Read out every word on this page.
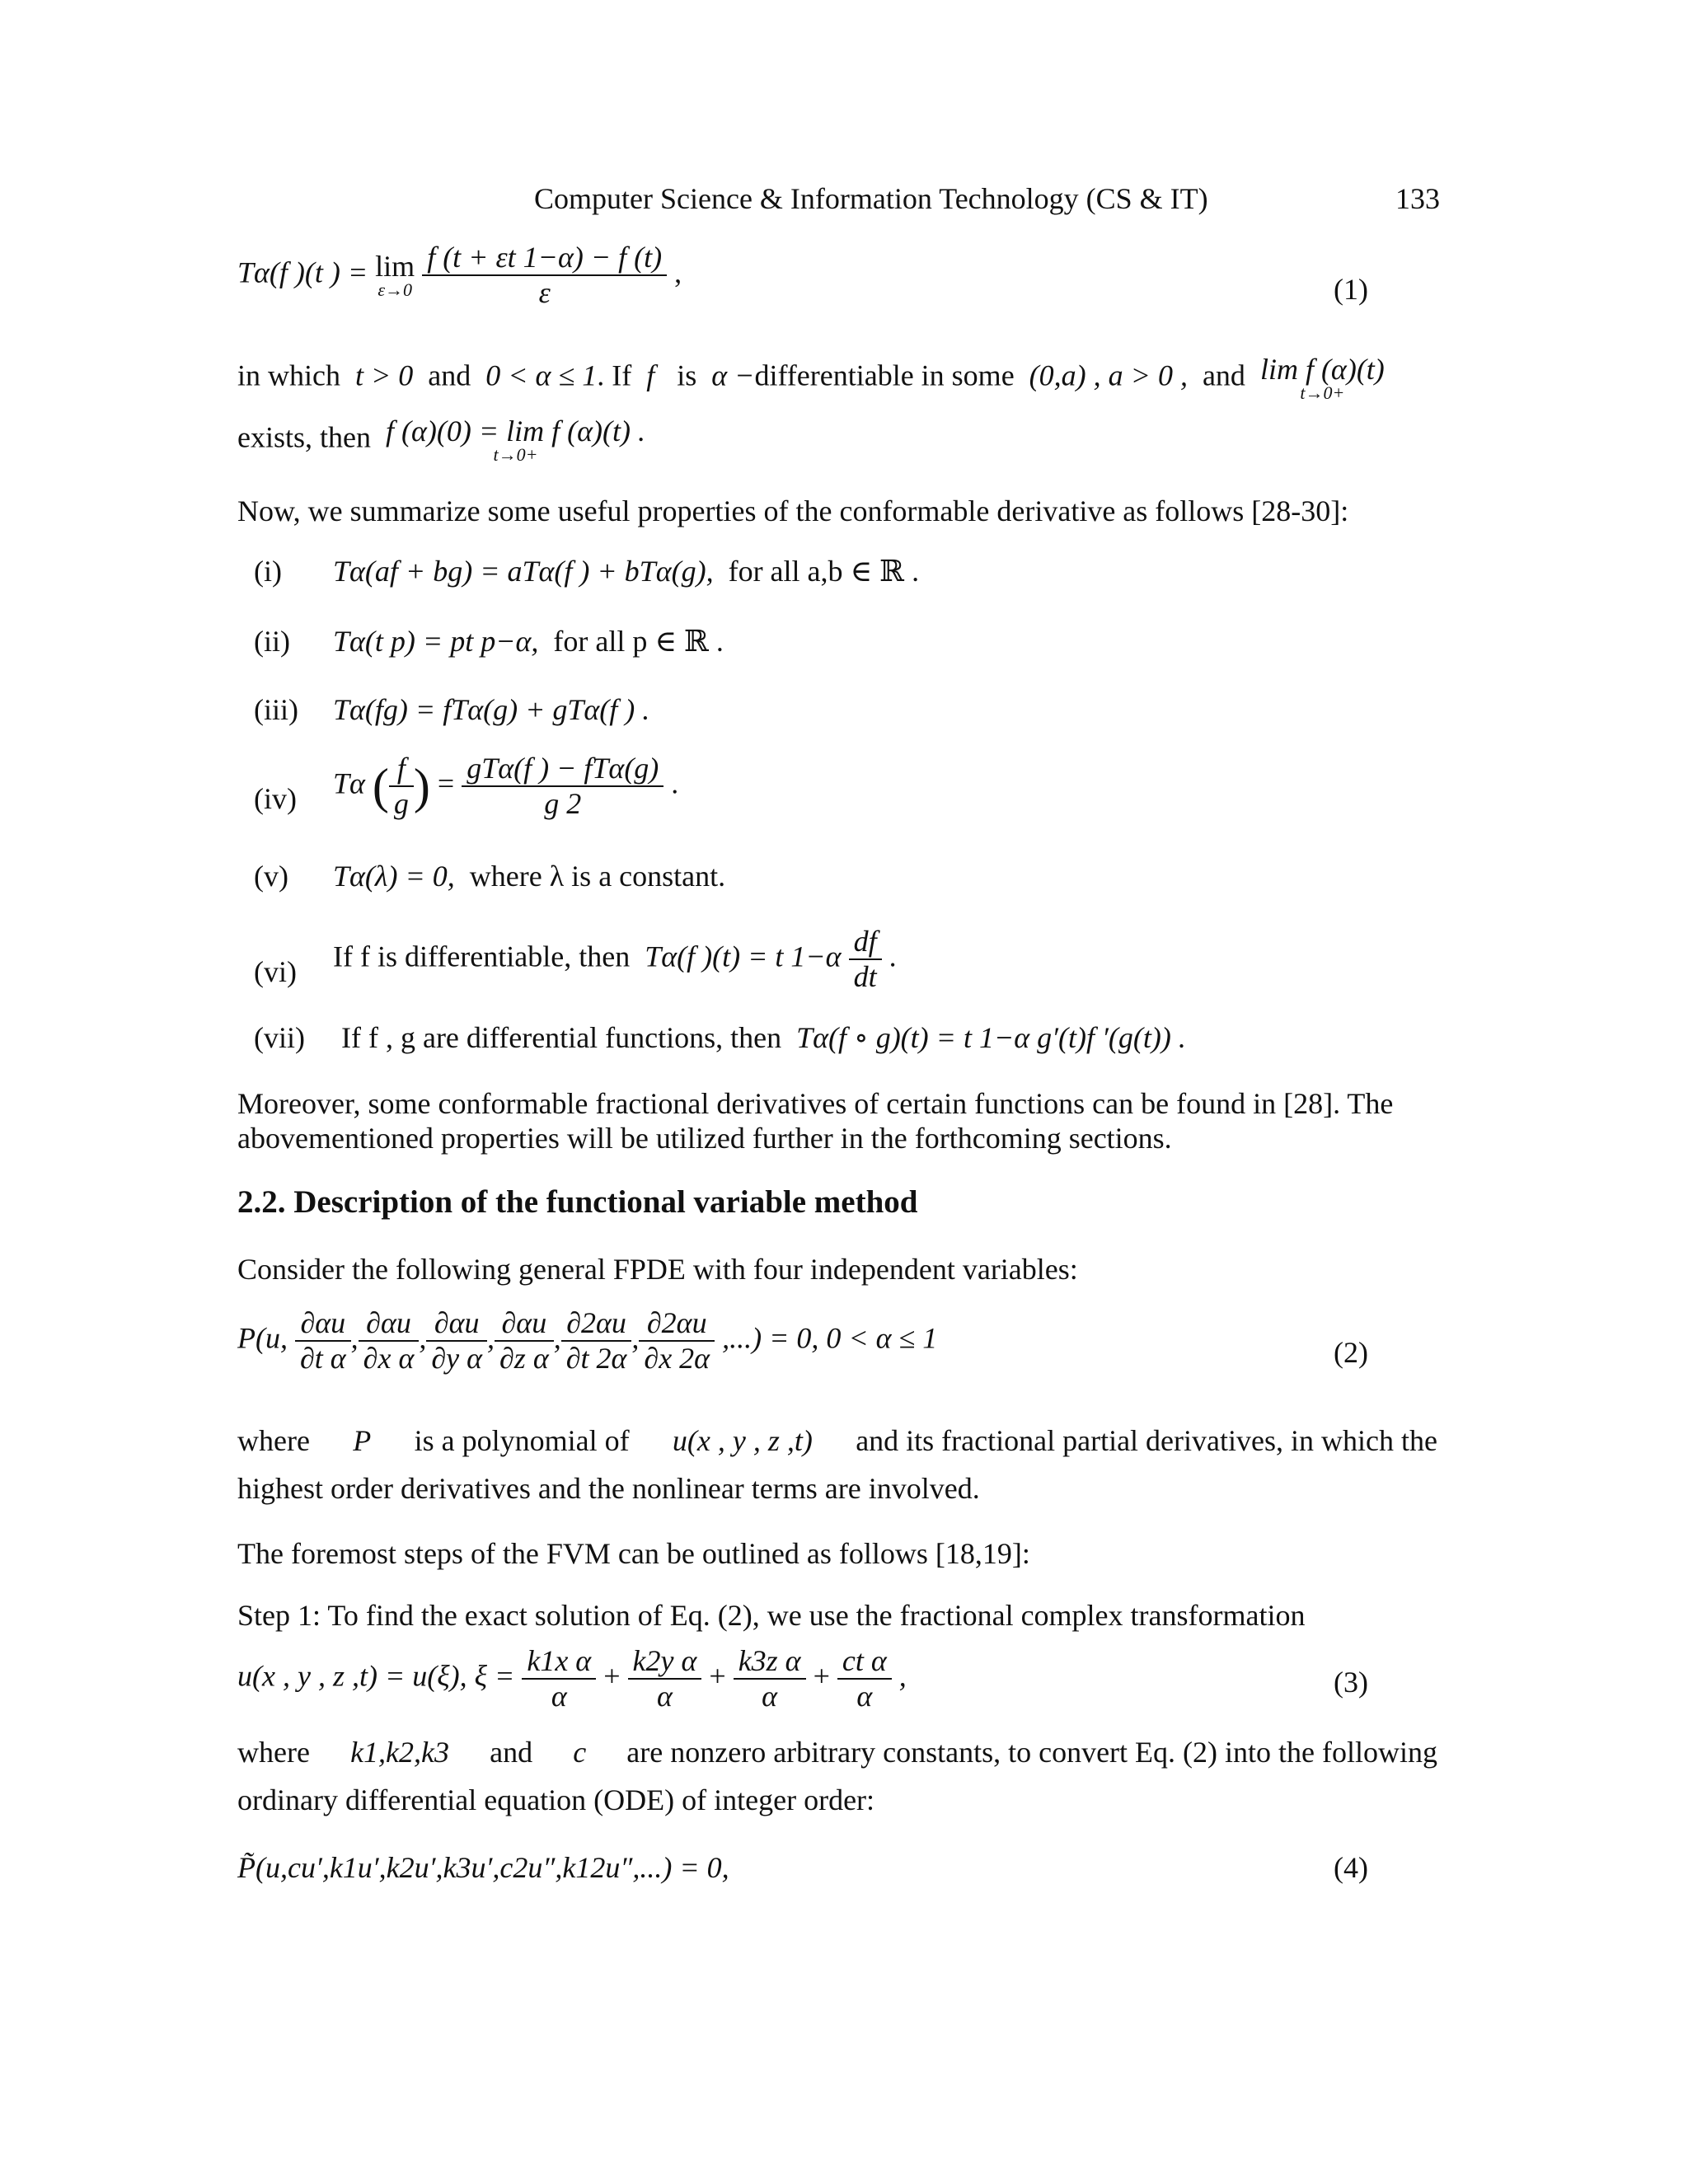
Computer Science & Information Technology (CS & IT)	133
Tα(f )(t ) = lim
ε→0
$\frac{f (t + \varepsilon t 1-\alpha) - f (t)}{\varepsilon}$ ,
(1)
in which t > 0 and 0 < α ≤ 1. If f is α −differentiable in some (0,a) , a > 0 , and lim f (α)(t)
t→0+
exists, then f (α)(0) = lim f (α)(t) .
t→0+
Now, we summarize some useful properties of the conformable derivative as follows [28-30]:
(i) Tα(af + bg) = aTα(f ) + bTα(g), for all a,b ∈ ℝ .
(ii) Tα(t p) = pt p−α, for all p ∈ ℝ .
(iii) Tα(fg) = fTα(g) + gTα(f ) .
(iv) Tα ( $\frac{f}{g}$ ) = $\frac{\text{gTα(f ) − fTα(g)}}{g 2}$ .
(v) Tα(λ) = 0, where λ is a constant.
(vi) If f is differentiable, then Tα(f )(t) = t $1-\alpha \frac{df}{dt}$ .
(vii) If f , g are differential functions, then Tα(f ∘ g)(t) = t 1−α g′(t)f ′(g(t)) .
Moreover, some conformable fractional derivatives of certain functions can be found in [28]. The abovementioned properties will be utilized further in the forthcoming sections.
2.2. Description of the functional variable method
Consider the following general FPDE with four independent variables:
P(u, $\frac{\partial\alpha u}{\text{∂t α}}$ , $\frac{\partial\alpha u}{\text{∂x α}}$ , $\frac{\partial\alpha u}{\text{∂y α}}$ , $\frac{\partial\alpha u}{\text{∂z α}}$ , $\frac{\partial 2\alpha u}{\partial t 2\alpha}$ , $\frac{\partial 2\alpha u}{\partial x 2\alpha}$ ,...) = 0, 0 < α ≤ 1	(2)
where P is a polynomial of u(x , y , z ,t) and its fractional partial derivatives, in which the
highest order derivatives and the nonlinear terms are involved.
The foremost steps of the FVM can be outlined as follows [18,19]:
Step 1: To find the exact solution of Eq. (2), we use the fractional complex transformation
u(x , y , z ,t) = u(ξ), $\xi = \frac{\text{k1x α}}{\alpha} + \frac{\text{k2y α}}{\alpha} + \frac{\text{k3z α}}{\alpha} + \frac{\text{ct α}}{\alpha}$ ,	(3)
where k1,k2,k3 and c are nonzero arbitrary constants, to convert Eq. (2) into the following
ordinary differential equation (ODE) of integer order:
P̃(u,cu′,k1u′,k2u′,k3u′,c2u″,k12u″,...) = 0,	(4)
